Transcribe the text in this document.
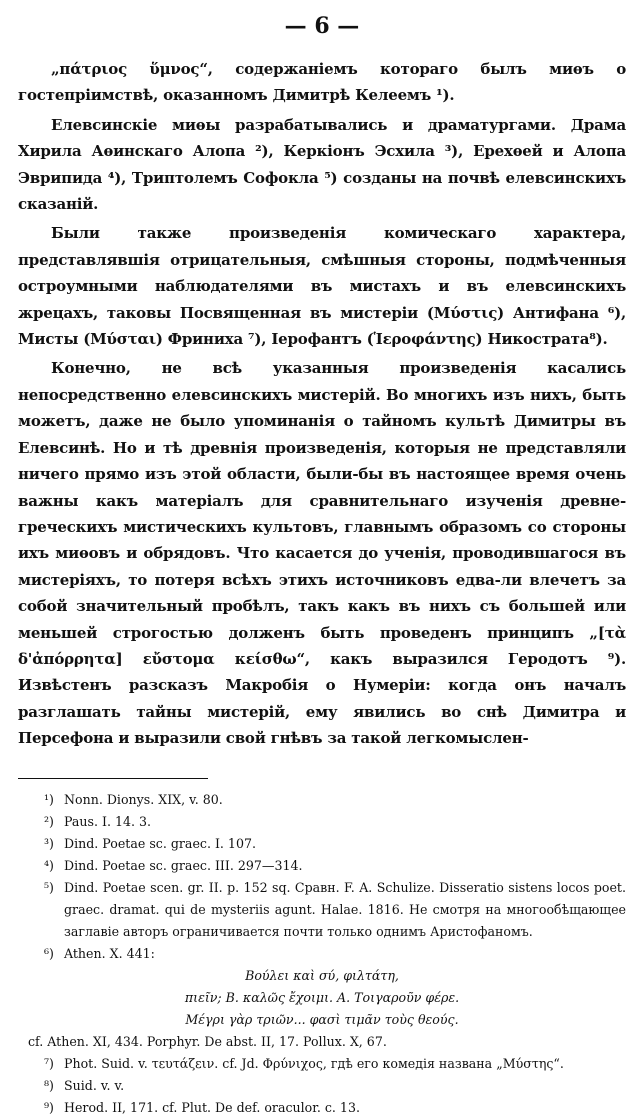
— 6 —

„πάτριος ὕμνος“, содержаніемъ котораго былъ миѳъ о гостепріимствѣ, оказанномъ Димитрѣ Келеемъ ¹).

Елевсинскіе миѳы разрабатывались и драматургами. Драма Хирила Аѳинскаго Алопа ²), Керкіонъ Эсхила ³), Ерехѳей и Алопа Эврипида ⁴), Триптолемъ Софокла ⁵) созданы на почвѣ елевсинскихъ сказаній.

Были также произведенія комическаго характера, представлявшія отрицательныя, смѣшныя стороны, подмѣченныя остроумными наблюдателями въ мистахъ и въ елевсинскихъ жрецахъ, таковы Посвященная въ мистеріи (Μύστις) Антифана ⁶), Мисты (Μύσται) Фриниха ⁷), Іерофантъ (Ἱεροφάντης) Никострата⁸).

Конечно, не всѣ указанныя произведенія касались непосредственно елевсинскихъ мистерій. Во многихъ изъ нихъ, быть можетъ, даже не было упоминанія о тайномъ культѣ Димитры въ Елевсинѣ. Но и тѣ древнія произведенія, которыя не представляли ничего прямо изъ этой области, были-бы въ настоящее время очень важны какъ матеріалъ для сравнительнаго изученія древне-греческихъ мистическихъ культовъ, главнымъ образомъ со стороны ихъ миѳовъ и обрядовъ. Что касается до ученія, проводившагося въ мистеріяхъ, то потеря всѣхъ этихъ источниковъ едва-ли влечетъ за собой значительный пробѣлъ, такъ какъ въ нихъ съ большей или меньшей строгостью долженъ быть проведенъ принципъ „[τὰ δ'ἀπόρρητα] εὔστομα κείσθω“, какъ выразился Геродотъ ⁹). Извѣстенъ разсказъ Макробія о Нумеріи: когда онъ началъ разглашать тайны мистерій, ему явились во снѣ Димитра и Персефона и выразили свой гнѣвъ за такой легкомыслен-

¹) Nonn. Dionys. XIX, v. 80.
²) Paus. I. 14. 3.
³) Dind. Poetae sc. graec. I. 107.
⁴) Dind. Poetae sc. graec. III. 297—314.
⁵) Dind. Poetae scen. gr. II. p. 152 sq. Сравн. F. A. Schulize. Disseratio sistens locos poet. graec. dramat. qui de mysteriis agunt. Halae. 1816. Не смотря на многообѣщающее заглавіе авторъ ограничивается почти только однимъ Аристофаномъ.
⁶) Athen. X. 441:
Βούλει καὶ σύ, φιλτάτη,
πιεῖν; Β. καλῶς ἔχοιμι. Α. Τοιγαροῦν φέρε.
Μέγρι γὰρ τριῶν... φασὶ τιμᾶν τοὺς θεούς.
cf. Athen. XI, 434. Porphyr. De abst. II, 17. Pollux. X, 67.
⁷) Phot. Suid. v. τευτάζειν. cf. Jd. Φρύνιχος, гдѣ его комедія названа „Μύστης“.
⁸) Suid. v. v.
⁹) Herod. II, 171. cf. Plut. De def. oraculor. c. 13.
